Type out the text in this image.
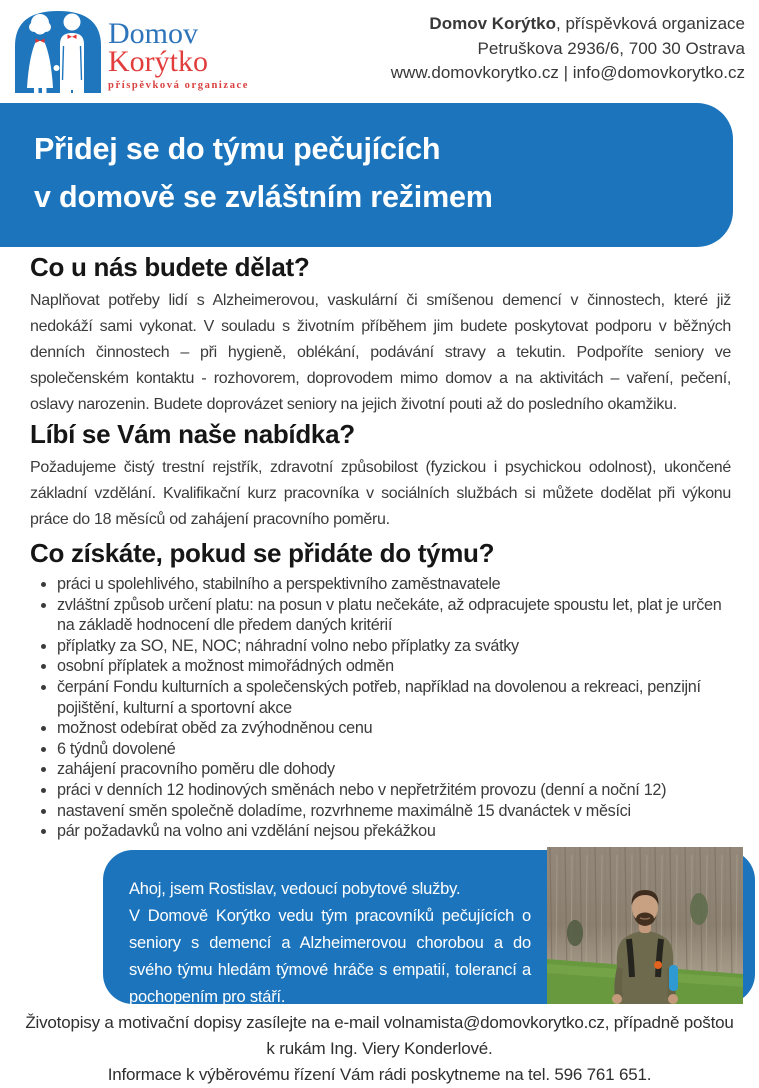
Domov
Korýtko
příspěvková organizace
Domov Korýtko, příspěvková organizace
Petruškova 2936/6, 700 30 Ostrava
www.domovkorytko.cz | info@domovkorytko.cz
Přidej se do týmu pečujících
v domově se zvláštním režimem
Co u nás budete dělat?

Naplňovat potřeby lidí s Alzheimerovou, vaskulární či smíšenou demencí v činnostech, které již nedokáží sami vykonat. V souladu s životním příběhem jim budete poskytovat podporu v běžných denních činnostech – při hygieně, oblékání, podávání stravy a tekutin. Podpoříte seniory ve společenském kontaktu - rozhovorem, doprovodem mimo domov a na aktivitách – vaření, pečení, oslavy narozenin. Budete doprovázet seniory na jejich životní pouti až do posledního okamžiku.

Líbí se Vám naše nabídka?

Požadujeme čistý trestní rejstřík, zdravotní způsobilost (fyzickou i psychickou odolnost), ukončené základní vzdělání. Kvalifikační kurz pracovníka v sociálních službách si můžete dodělat při výkonu práce do 18 měsíců od zahájení pracovního poměru.

Co získáte, pokud se přidáte do týmu?
• práci u spolehlivého, stabilního a perspektivního zaměstnavatele
• zvláštní způsob určení platu: na posun v platu nečekáte, až odpracujete spoustu let, plat je určen na základě hodnocení dle předem daných kritérií
• příplatky za SO, NE, NOC; náhradní volno nebo příplatky za svátky
• osobní příplatek a možnost mimořádných odměn
• čerpání Fondu kulturních a společenských potřeb, například na dovolenou a rekreaci, penzijní pojištění, kulturní a sportovní akce
• možnost odebírat oběd za zvýhodněnou cenu
• 6 týdnů dovolené
• zahájení pracovního poměru dle dohody
• práci v denních 12 hodinových směnách nebo v nepřetržitém provozu (denní a noční 12)
• nastavení směn společně doladíme, rozvrhneme maximálně 15 dvanáctek v měsíci
• pár požadavků na volno ani vzdělání nejsou překážkou
Ahoj, jsem Rostislav, vedoucí pobytové služby.
V Domově Korýtko vedu tým pracovníků pečujících o seniory s demencí a Alzheimerovou chorobou a do svého týmu hledám týmové hráče s empatií, tolerancí a pochopením pro stáří.
Životopisy a motivační dopisy zasílejte na e-mail volnamista@domovkorytko.cz, případně poštou
k rukám Ing. Viery Konderlové.
Informace k výběrovému řízení Vám rádi poskytneme na tel. 596 761 651.
